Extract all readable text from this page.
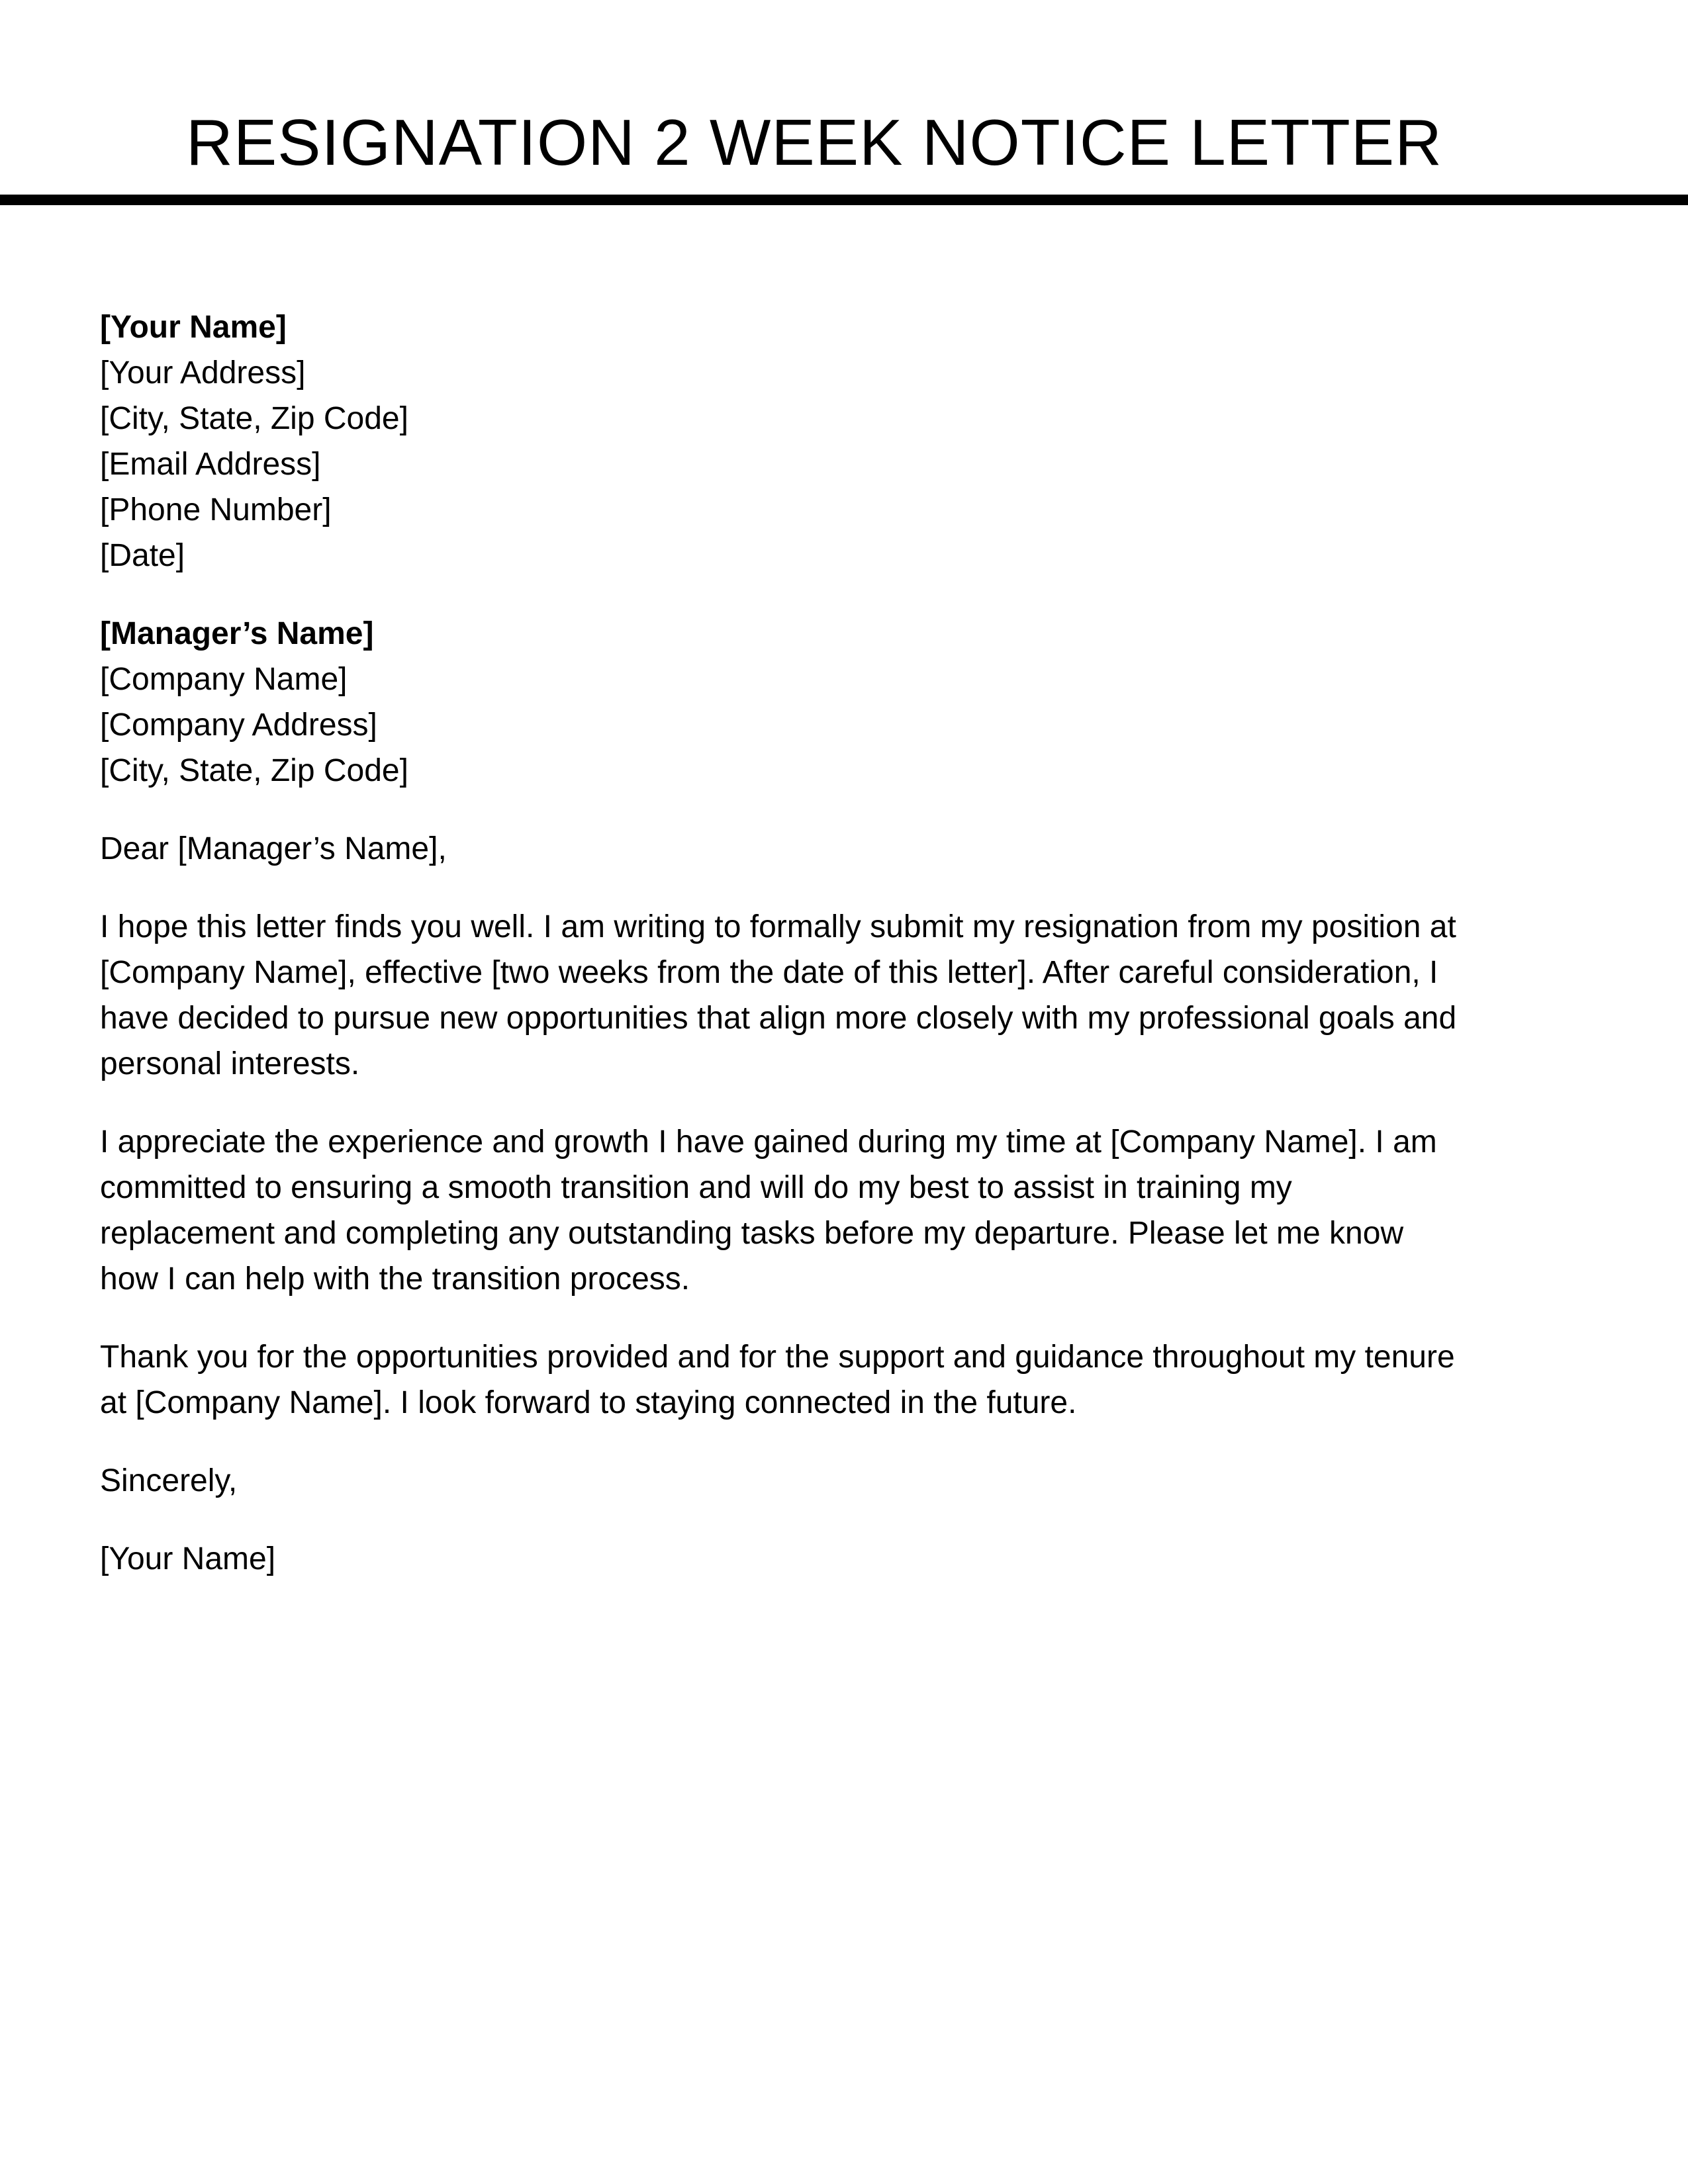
RESIGNATION 2 WEEK NOTICE LETTER
[Your Name]
[Your Address]
[City, State, Zip Code]
[Email Address]
[Phone Number]
[Date]
[Manager’s Name]
[Company Name]
[Company Address]
[City, State, Zip Code]

Dear [Manager’s Name],

I hope this letter finds you well. I am writing to formally submit my resignation from my position at
[Company Name], effective [two weeks from the date of this letter]. After careful consideration, I
have decided to pursue new opportunities that align more closely with my professional goals and
personal interests.

I appreciate the experience and growth I have gained during my time at [Company Name]. I am
committed to ensuring a smooth transition and will do my best to assist in training my
replacement and completing any outstanding tasks before my departure. Please let me know
how I can help with the transition process.

Thank you for the opportunities provided and for the support and guidance throughout my tenure
at [Company Name]. I look forward to staying connected in the future.

Sincerely,

[Your Name]
